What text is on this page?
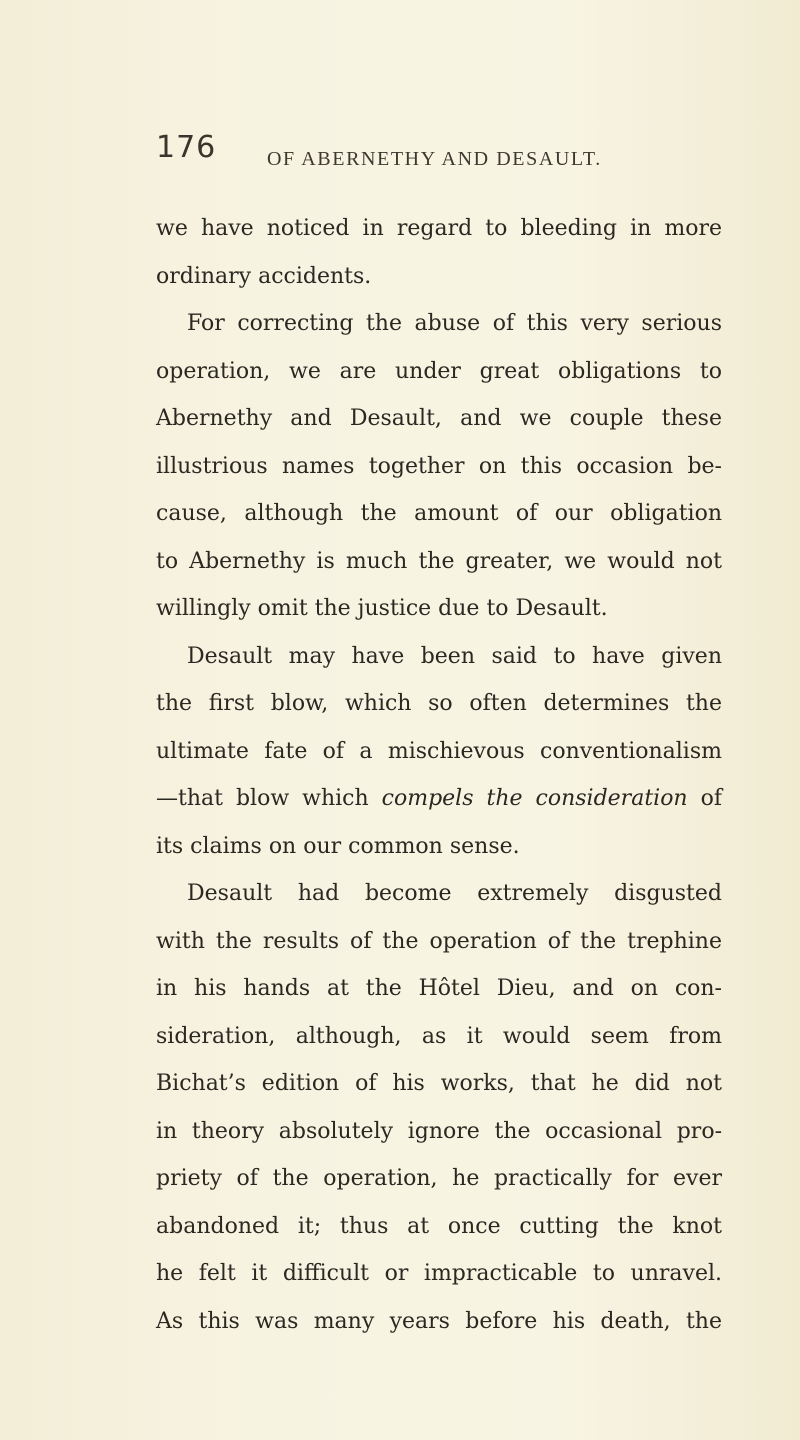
176	OF ABERNETHY AND DESAULT.
we have noticed in regard to bleeding in more
ordinary accidents.
For correcting the abuse of this very serious
operation, we are under great obligations to
Abernethy and Desault, and we couple these
illustrious names together on this occasion be-
cause, although the amount of our obligation
to Abernethy is much the greater, we would not
willingly omit the justice due to Desault.
Desault may have been said to have given
the first blow, which so often determines the
ultimate fate of a mischievous conventionalism
—that blow which compels the consideration of
its claims on our common sense.
Desault had become extremely disgusted
with the results of the operation of the trephine
in his hands at the Hôtel Dieu, and on con-
sideration, although, as it would seem from
Bichat’s edition of his works, that he did not
in theory absolutely ignore the occasional pro-
priety of the operation, he practically for ever
abandoned it; thus at once cutting the knot
he felt it difficult or impracticable to unravel.
As this was many years before his death, the
